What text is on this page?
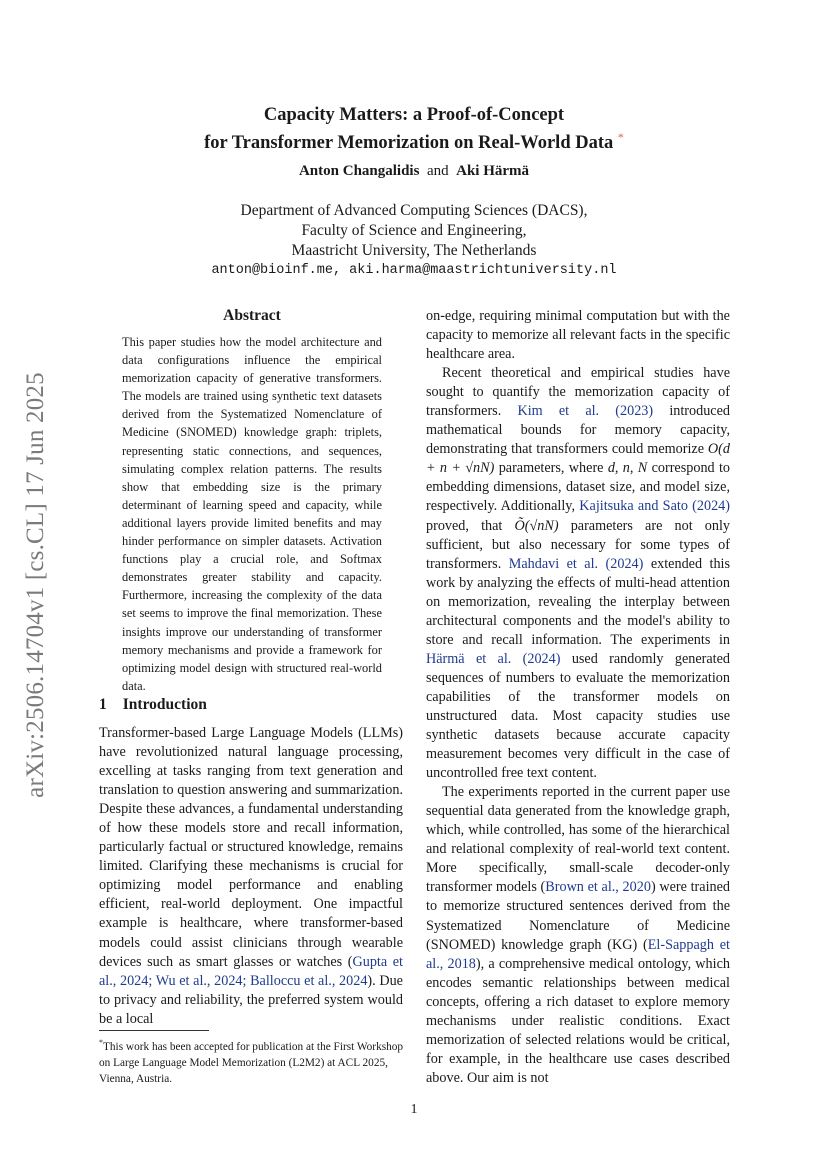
arXiv:2506.14704v1 [cs.CL] 17 Jun 2025
Capacity Matters: a Proof-of-Concept
for Transformer Memorization on Real-World Data *
Anton Changalidis and Aki Härmä
Department of Advanced Computing Sciences (DACS),
Faculty of Science and Engineering,
Maastricht University, The Netherlands
anton@bioinf.me, aki.harma@maastrichtuniversity.nl
Abstract
This paper studies how the model architecture and data configurations influence the empirical memorization capacity of generative transformers. The models are trained using synthetic text datasets derived from the Systematized Nomenclature of Medicine (SNOMED) knowledge graph: triplets, representing static connections, and sequences, simulating complex relation patterns. The results show that embedding size is the primary determinant of learning speed and capacity, while additional layers provide limited benefits and may hinder performance on simpler datasets. Activation functions play a crucial role, and Softmax demonstrates greater stability and capacity. Furthermore, increasing the complexity of the data set seems to improve the final memorization. These insights improve our understanding of transformer memory mechanisms and provide a framework for optimizing model design with structured real-world data.
1 Introduction

Transformer-based Large Language Models (LLMs) have revolutionized natural language processing, excelling at tasks ranging from text generation and translation to question answering and summarization. Despite these advances, a fundamental understanding of how these models store and recall information, particularly factual or structured knowledge, remains limited. Clarifying these mechanisms is crucial for optimizing model performance and enabling efficient, real-world deployment. One impactful example is healthcare, where transformer-based models could assist clinicians through wearable devices such as smart glasses or watches (Gupta et al., 2024; Wu et al., 2024; Balloccu et al., 2024). Due to privacy and reliability, the preferred system would be a local

on-edge, requiring minimal computation but with the capacity to memorize all relevant facts in the specific healthcare area.

Recent theoretical and empirical studies have sought to quantify the memorization capacity of transformers. Kim et al. (2023) introduced mathematical bounds for memory capacity, demonstrating that transformers could memorize O(d + n + √nN) parameters, where d, n, N correspond to embedding dimensions, dataset size, and model size, respectively. Additionally, Kajitsuka and Sato (2024) proved, that Õ(√nN) parameters are not only sufficient, but also necessary for some types of transformers. Mahdavi et al. (2024) extended this work by analyzing the effects of multi-head attention on memorization, revealing the interplay between architectural components and the model's ability to store and recall information. The experiments in Härmä et al. (2024) used randomly generated sequences of numbers to evaluate the memorization capabilities of the transformer models on unstructured data. Most capacity studies use synthetic datasets because accurate capacity measurement becomes very difficult in the case of uncontrolled free text content.

The experiments reported in the current paper use sequential data generated from the knowledge graph, which, while controlled, has some of the hierarchical and relational complexity of real-world text content. More specifically, small-scale decoder-only transformer models (Brown et al., 2020) were trained to memorize structured sentences derived from the Systematized Nomenclature of Medicine (SNOMED) knowledge graph (KG) (El-Sappagh et al., 2018), a comprehensive medical ontology, which encodes semantic relationships between medical concepts, offering a rich dataset to explore memory mechanisms under realistic conditions. Exact memorization of selected relations would be critical, for example, in the healthcare use cases described above. Our aim is not

*This work has been accepted for publication at the First Workshop on Large Language Model Memorization (L2M2) at ACL 2025, Vienna, Austria.
1
